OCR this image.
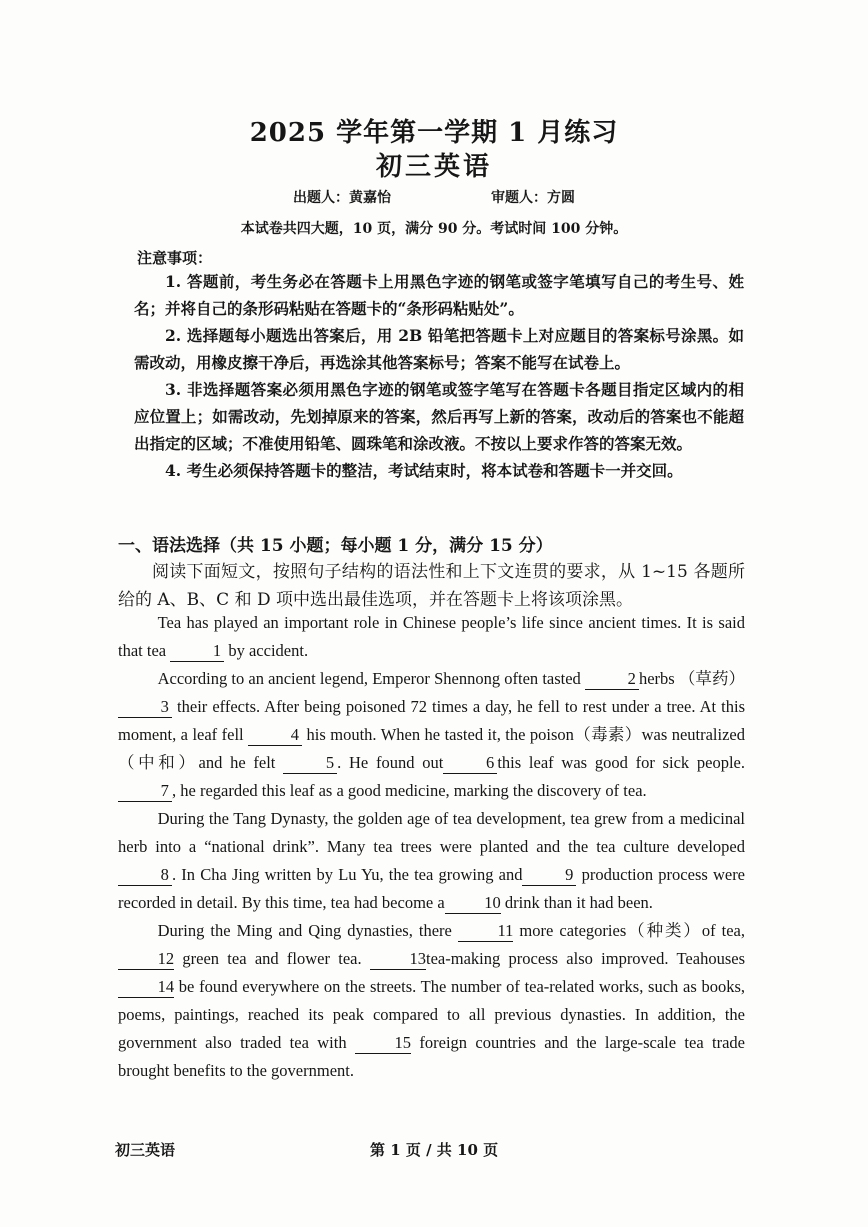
2025 学年第一学期 1 月练习
初三英语
出题人：黄嘉怡	审题人：方圆
本试卷共四大题，10 页，满分 90 分。考试时间 100 分钟。
注意事项：

1. 答题前，考生务必在答题卡上用黑色字迹的钢笔或签字笔填写自己的考生号、姓名；并将自己的条形码粘贴在答题卡的“条形码粘贴处”。

2. 选择题每小题选出答案后，用 2B 铅笔把答题卡上对应题目的答案标号涂黑。如需改动，用橡皮擦干净后，再选涂其他答案标号；答案不能写在试卷上。

3. 非选择题答案必须用黑色字迹的钢笔或签字笔写在答题卡各题目指定区域内的相应位置上；如需改动，先划掉原来的答案，然后再写上新的答案，改动后的答案也不能超出指定的区域；不准使用铅笔、圆珠笔和涂改液。不按以上要求作答的答案无效。

4. 考生必须保持答题卡的整洁，考试结束时，将本试卷和答题卡一并交回。

一、语法选择（共 15 小题；每小题 1 分，满分 15 分）

阅读下面短文，按照句子结构的语法性和上下文连贯的要求，从 1~15 各题所给的 A、B、C 和 D 项中选出最佳选项，并在答题卡上将该项涂黑。

Tea has played an important role in Chinese people’s life since ancient times. It is said that tea	1 by accident.

According to an ancient legend, Emperor Shennong often tasted	2 herbs （草药） 3 their effects. After being poisoned 72 times a day, he fell to rest under a tree. At this moment, a leaf fell	4 his mouth. When he tasted it, the poison（毒素）was neutralized（中和）and he felt	5 . He found out	6 this leaf was good for sick people. 7 , he regarded this leaf as a good medicine, marking the discovery of tea.

During the Tang Dynasty, the golden age of tea development, tea grew from a medicinal herb into a “national drink”. Many tea trees were planted and the tea culture developed8 . In Cha Jing written by Lu Yu, the tea growing and	9 production process were recorded in detail. By this time, tea had become a 10 drink than it had been.

During the Ming and Qing dynasties, there 11 more categories（种类）of tea, 12 green tea and flower tea. 13tea-making process also improved. Teahouses 14 be found everywhere on the streets. The number of tea-related works, such as books, poems, paintings, reached its peak compared to all previous dynasties. In addition, the government also traded tea with 15 foreign countries and the large-scale tea trade brought benefits to the government.

初三英语	第 1 页 / 共 10 页
